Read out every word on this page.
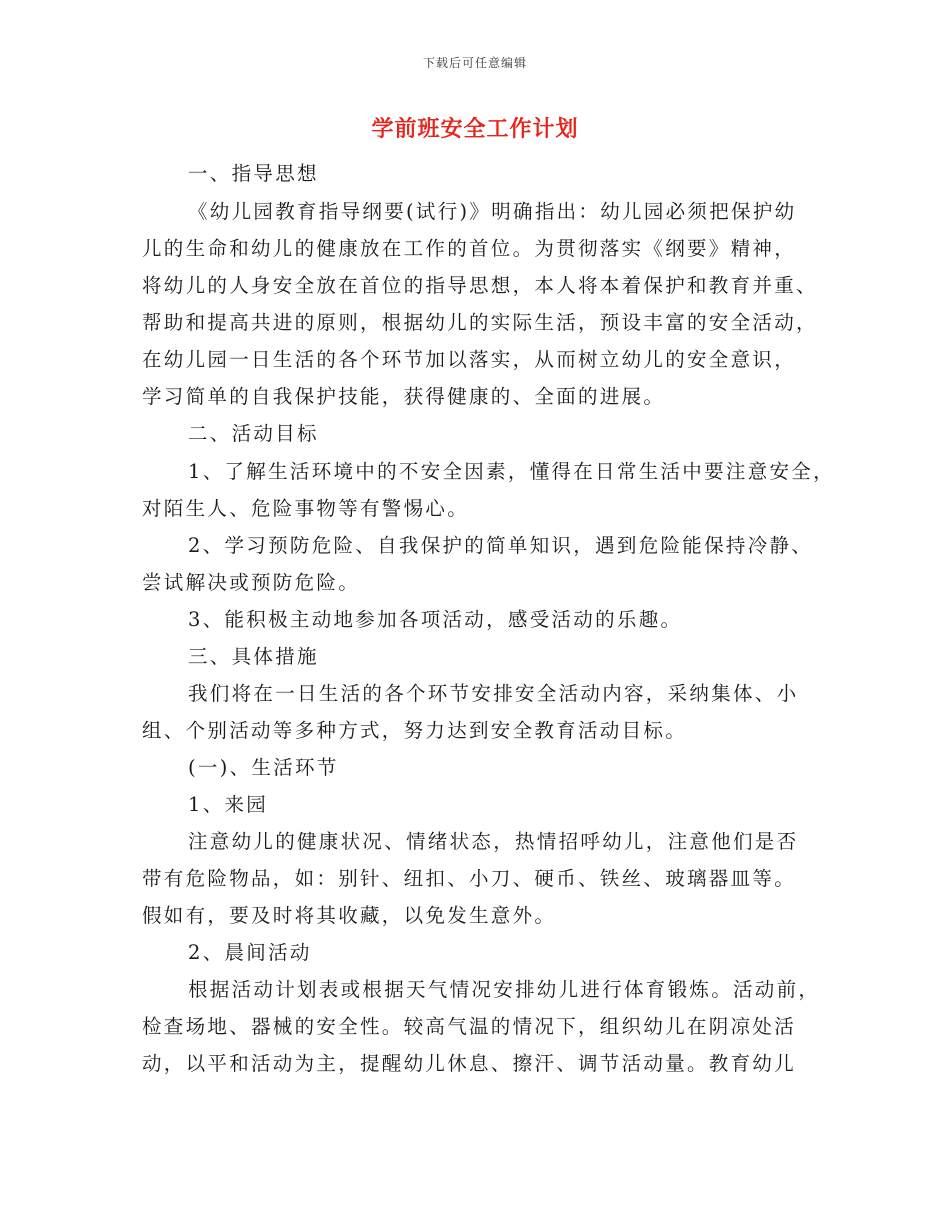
下载后可任意编辑
学前班安全工作计划
一、指导思想
《幼儿园教育指导纲要(试行)》明确指出：幼儿园必须把保护幼
儿的生命和幼儿的健康放在工作的首位。为贯彻落实《纲要》精神，
将幼儿的人身安全放在首位的指导思想，本人将本着保护和教育并重、
帮助和提高共进的原则，根据幼儿的实际生活，预设丰富的安全活动，
在幼儿园一日生活的各个环节加以落实，从而树立幼儿的安全意识，
学习简单的自我保护技能，获得健康的、全面的进展。
二、活动目标
1、了解生活环境中的不安全因素，懂得在日常生活中要注意安全，
对陌生人、危险事物等有警惕心。
2、学习预防危险、自我保护的简单知识，遇到危险能保持冷静、
尝试解决或预防危险。
3、能积极主动地参加各项活动，感受活动的乐趣。
三、具体措施
我们将在一日生活的各个环节安排安全活动内容，采纳集体、小
组、个别活动等多种方式，努力达到安全教育活动目标。
(一)、生活环节
1、来园
注意幼儿的健康状况、情绪状态，热情招呼幼儿，注意他们是否
带有危险物品，如：别针、纽扣、小刀、硬币、铁丝、玻璃器皿等。
假如有，要及时将其收藏，以免发生意外。
2、晨间活动
根据活动计划表或根据天气情况安排幼儿进行体育锻炼。活动前，
检查场地、器械的安全性。较高气温的情况下，组织幼儿在阴凉处活
动，以平和活动为主，提醒幼儿休息、擦汗、调节活动量。教育幼儿
